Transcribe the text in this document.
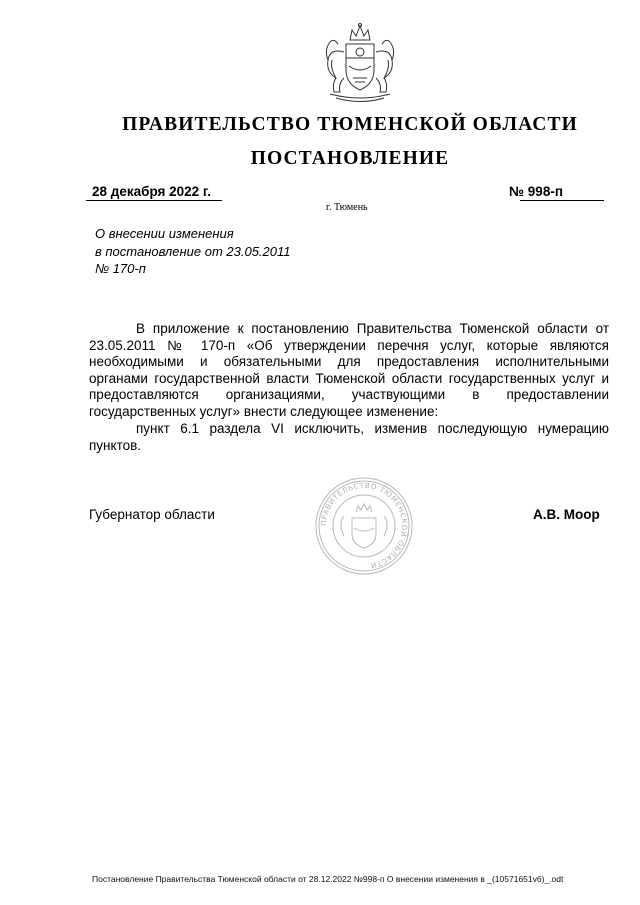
ПРАВИТЕЛЬСТВО ТЮМЕНСКОЙ ОБЛАСТИ
ПОСТАНОВЛЕНИЕ
28 декабря 2022 г.	№ 998-п
г. Тюмень
О внесении изменения
в постановление от 23.05.2011
№ 170-п

В приложение к постановлению Правительства Тюменской области от 23.05.2011 № 170-п «Об утверждении перечня услуг, которые являются необходимыми и обязательными для предоставления исполнительными органами государственной власти Тюменской области государственных услуг и предоставляются организациями, участвующими в предоставлении государственных услуг» внести следующее изменение:

пункт 6.1 раздела VI исключить, изменив последующую нумерацию пунктов.

ПРАВИТЕЛЬСТВО ТЮМЕНСКОЙ ОБЛАСТИ
Губернатор области	А.В. Моор
Постановление Правительства Тюменской области от 28.12.2022 №998-п О внесении изменения в _(10571651v6)_.odt
